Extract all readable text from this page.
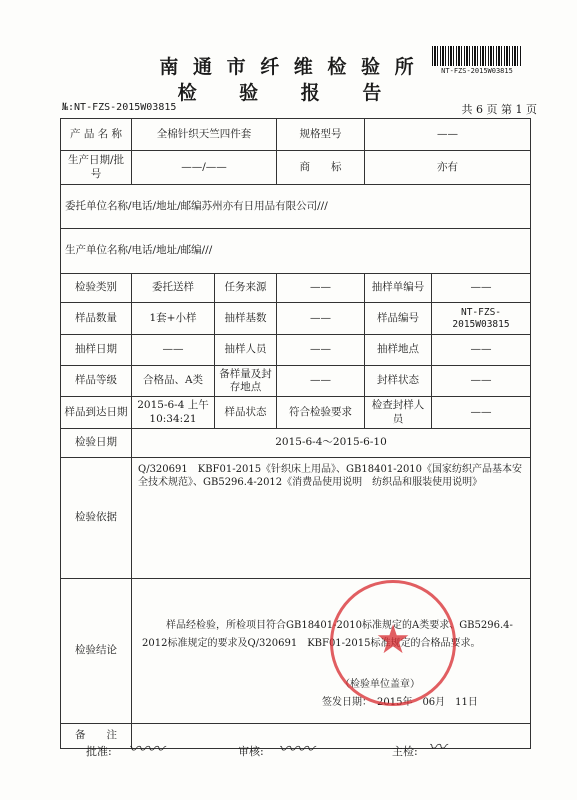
南 通 市 纤 维 检 验 所
检 验 报 告
NT-FZS-2015W03815
№:NT-FZS-2015W03815	共 6 页 第 1 页
产 品 名 称	全棉针织天竺四件套		规格型号	——	
生产日期/批号	——/——		商　　标	亦有	
委托单位名称/电话/地址/邮编苏州亦有日用品有限公司///					
生产单位名称/电话/地址/邮编///					
检验类别	委托送样	任务来源	——	抽样单编号	——
样品数量	1套+小样	抽样基数	——	样品编号	NT-FZS-2015W03815
抽样日期	——	抽样人员	——	抽样地点	——
样品等级	合格品、A类	备样量及封存地点	——	封样状态	——
样品到达日期	2015-6-4 上午 10:34:21	样品状态	符合检验要求	检查封样人员	——
检验日期	2015-6-4～2015-6-10				
检验依据	Q/320691　KBF01-2015《针织床上用品》、GB18401-2010《国家纺织产品基本安全技术规范》、GB5296.4-2012《消费品使用说明　纺织品和服装使用说明》				
检验结论	样品经检验，所检项目符合GB18401-2010标准规定的A类要求、GB5296.4-2012标准规定的要求及Q/320691　KBF01-2015标准规定的合格品要求。
（检验单位盖章）
签发日期：　2015年　06月　11日				

备　　注					
★
批准: 〰〰	审核: 〰〰	主检: 〰
